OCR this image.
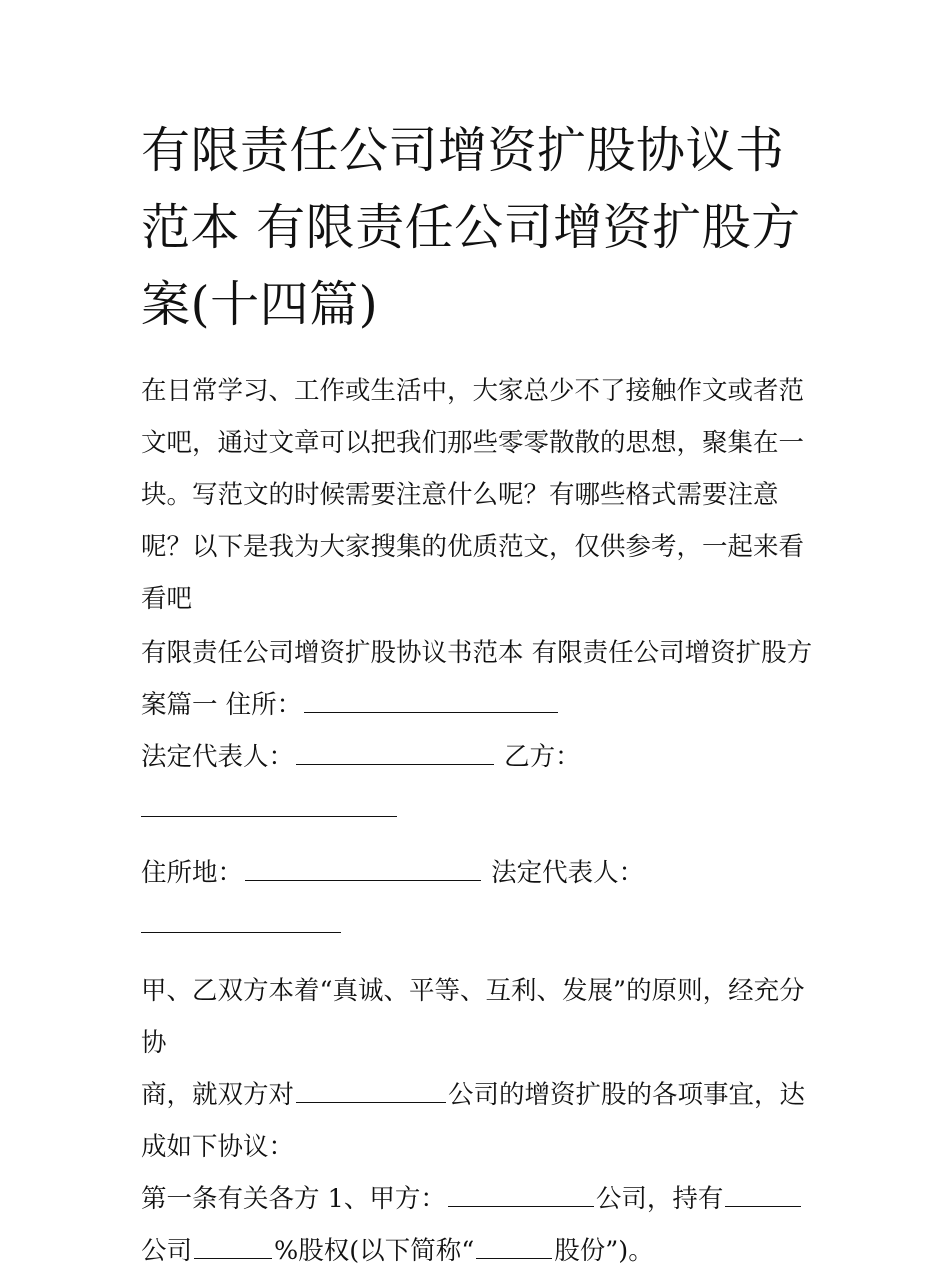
有限责任公司增资扩股协议书范本 有限责任公司增资扩股方案(十四篇)

在日常学习、工作或生活中，大家总少不了接触作文或者范文吧，通过文章可以把我们那些零零散散的思想，聚集在一块。写范文的时候需要注意什么呢？有哪些格式需要注意呢？以下是我为大家搜集的优质范文，仅供参考，一起来看看吧

有限责任公司增资扩股协议书范本 有限责任公司增资扩股方

案篇一 住所：

法定代表人：	乙方：

住所地：	法定代表人：

甲、乙双方本着“真诚、平等、互利、发展”的原则，经充分协

商，就双方对	公司的增资扩股的各项事宜，达

成如下协议：

第一条有关各方 1、甲方：	公司，持有

公司	%股权(以下简称“	股份”)。
